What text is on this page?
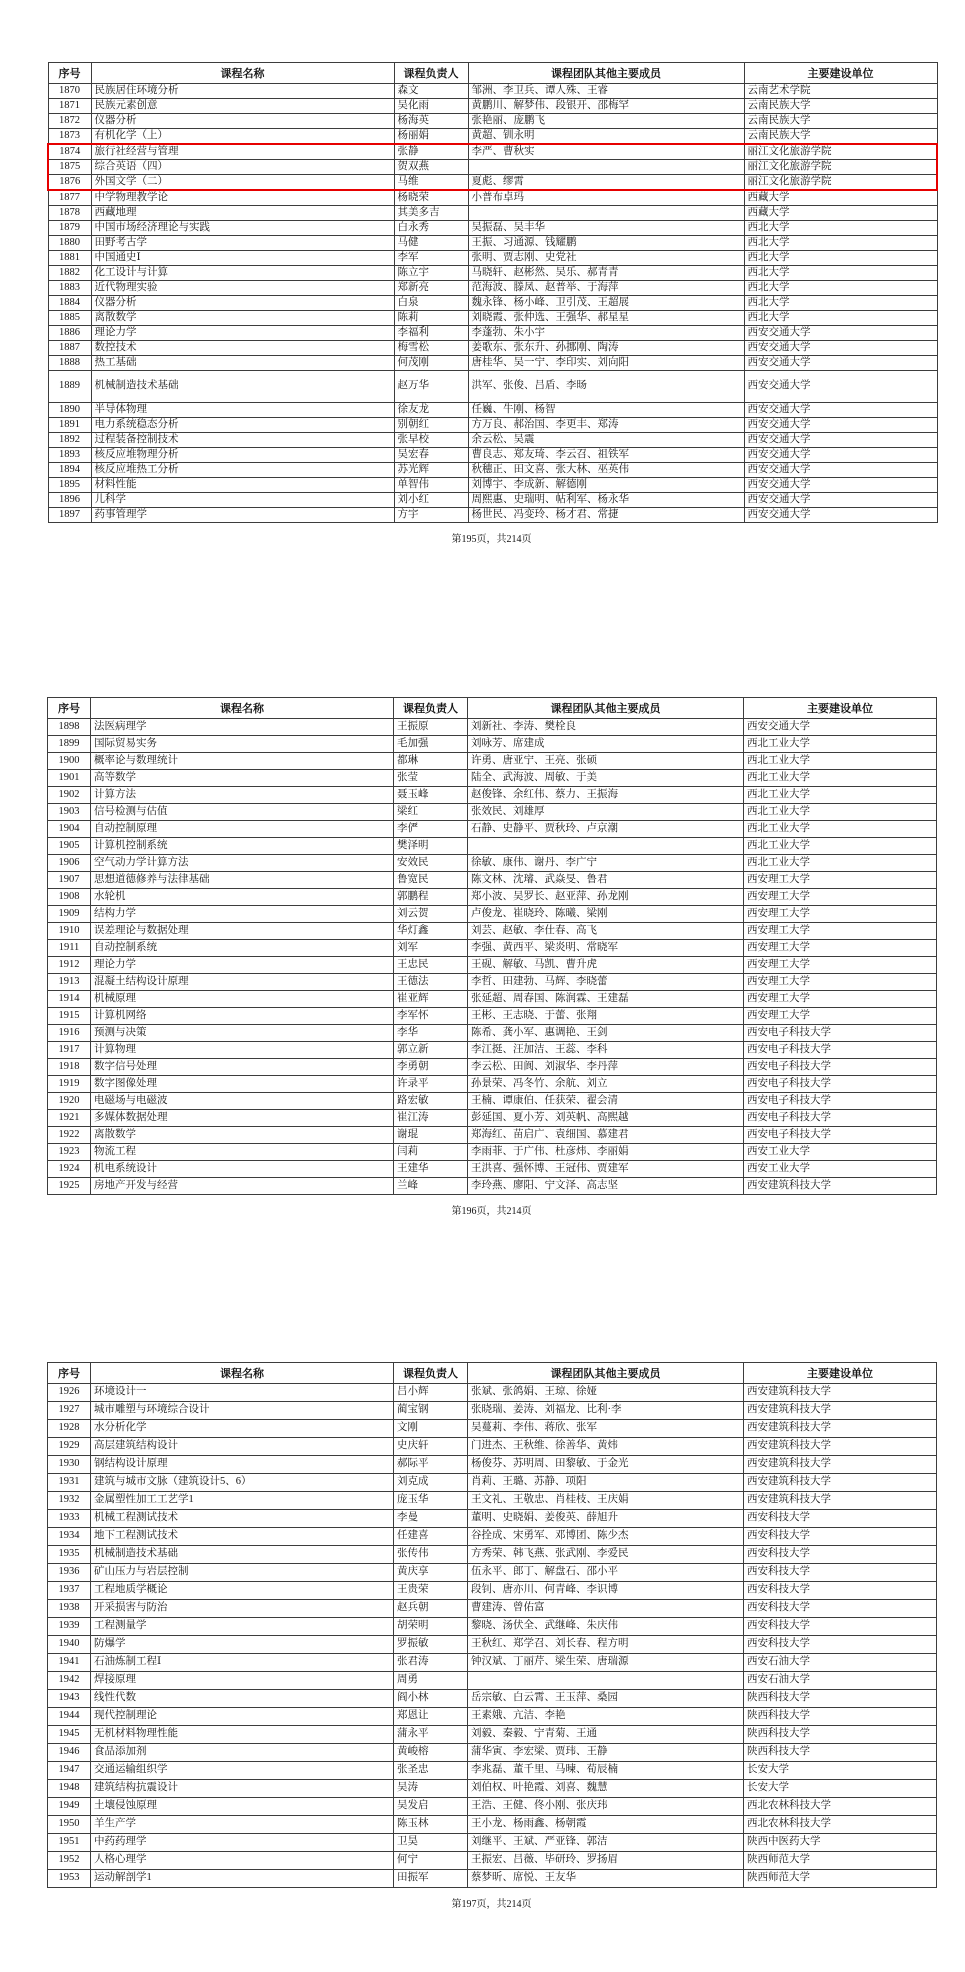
序号	课程名称	课程负责人	课程团队其他主要成员	主要建设单位
1870	民族居住环境分析	森文	邹洲、李卫兵、谭人殊、王睿	云南艺术学院
1871	民族元素创意	吴化雨	黄鹏川、解梦伟、段银开、邵梅罕	云南民族大学
1872	仪器分析	杨海英	张艳丽、庞鹏飞	云南民族大学
1873	有机化学（上）	杨丽娟	黄超、钏永明	云南民族大学
1874	旅行社经营与管理	张静	李严、曹秋实	丽江文化旅游学院
1875	综合英语（四）	贺双燕		丽江文化旅游学院
1876	外国文学（二）	马维	夏彪、缪霄	丽江文化旅游学院
1877	中学物理教学论	杨晓荣	小普布卓玛	西藏大学
1878	西藏地理	其美多吉		西藏大学
1879	中国市场经济理论与实践	白永秀	吴振磊、吴丰华	西北大学
1880	田野考古学	马健	王振、习通源、钱耀鹏	西北大学
1881	中国通史Ⅰ	李军	张明、贾志刚、史党社	西北大学
1882	化工设计与计算	陈立宇	马晓轩、赵彬然、吴乐、郝青青	西北大学
1883	近代物理实验	郑新亮	范海波、滕凤、赵普举、于海萍	西北大学
1884	仪器分析	白泉	魏永锋、杨小峰、卫引茂、王超展	西北大学
1885	离散数学	陈莉	刘晓霞、张仲选、王强华、郝星星	西北大学
1886	理论力学	李福利	李蓬勃、朱小宇	西安交通大学
1887	数控技术	梅雪松	姜歌东、张东升、孙挪刚、陶涛	西安交通大学
1888	热工基础	何茂刚	唐桂华、吴一宁、李印实、刘向阳	西安交通大学
1889	机械制造技术基础	赵万华	洪军、张俊、吕盾、李旸	西安交通大学
1890	半导体物理	徐友龙	任巍、牛刚、杨智	西安交通大学
1891	电力系统稳态分析	别朝红	方万良、郝治国、李更丰、郑涛	西安交通大学
1892	过程装备控制技术	张早校	余云松、吴震	西安交通大学
1893	核反应堆物理分析	吴宏春	曹良志、郑友琦、李云召、祖铁军	西安交通大学
1894	核反应堆热工分析	苏光辉	秋穗正、田文喜、张大林、巫英伟	西安交通大学
1895	材料性能	单智伟	刘博宇、李成新、解德刚	西安交通大学
1896	儿科学	刘小红	周熙惠、史瑞明、帖利军、杨永华	西安交通大学
1897	药事管理学	方宇	杨世民、冯变玲、杨才君、常捷	西安交通大学
第195页，共214页
序号	课程名称	课程负责人	课程团队其他主要成员	主要建设单位
1898	法医病理学	王振原	刘新社、李涛、樊栓良	西安交通大学
1899	国际贸易实务	毛加强	刘咏芳、席建成	西北工业大学
1900	概率论与数理统计	都琳	许勇、唐亚宁、王亮、张硕	西北工业大学
1901	高等数学	张莹	陆全、武海波、周敏、于美	西北工业大学
1902	计算方法	聂玉峰	赵俊锋、余红伟、蔡力、王振海	西北工业大学
1903	信号检测与估值	梁红	张效民、刘雄厚	西北工业大学
1904	自动控制原理	李俨	石静、史静平、贾秋玲、卢京潮	西北工业大学
1905	计算机控制系统	樊泽明		西北工业大学
1906	空气动力学计算方法	安效民	徐敏、康伟、谢丹、李广宁	西北工业大学
1907	思想道德修养与法律基础	鲁宽民	陈文林、沈璿、武焱旻、鲁君	西安理工大学
1908	水轮机	郭鹏程	郑小波、吴罗长、赵亚萍、孙龙刚	西安理工大学
1909	结构力学	刘云贺	卢俊龙、崔晓玲、陈曦、梁刚	西安理工大学
1910	误差理论与数据处理	华灯鑫	刘芸、赵敏、李仕春、高飞	西安理工大学
1911	自动控制系统	刘军	李强、黄西平、梁炎明、常晓军	西安理工大学
1912	理论力学	王忠民	王砚、解敏、马凯、曹升虎	西安理工大学
1913	混凝土结构设计原理	王德法	李哲、田建勃、马辉、李晓蕾	西安理工大学
1914	机械原理	崔亚辉	张延超、周春国、陈润霖、王建磊	西安理工大学
1915	计算机网络	李军怀	王彬、王志晓、于蕾、张翔	西安理工大学
1916	预测与决策	李华	陈希、龚小军、惠调艳、王剑	西安电子科技大学
1917	计算物理	郭立新	李江挺、汪加洁、王蕊、李科	西安电子科技大学
1918	数字信号处理	李勇朝	李云松、田阆、刘淑华、李丹萍	西安电子科技大学
1919	数字图像处理	许录平	孙景荣、冯冬竹、余航、刘立	西安电子科技大学
1920	电磁场与电磁波	路宏敏	王楠、谭康伯、任获荣、翟会清	西安电子科技大学
1921	多媒体数据处理	崔江涛	彭延国、夏小芳、刘英帆、高熙越	西安电子科技大学
1922	离散数学	谢琨	郑海红、苗启广、袁细国、慕建君	西安电子科技大学
1923	物流工程	闫莉	李雨菲、于广伟、杜彦炜、李丽娟	西安工业大学
1924	机电系统设计	王建华	王洪喜、强怀博、王冠伟、贾建军	西安工业大学
1925	房地产开发与经营	兰峰	李玲燕、廖阳、宁文泽、高志坚	西安建筑科技大学
第196页，共214页
序号	课程名称	课程负责人	课程团队其他主要成员	主要建设单位
1926	环境设计一	吕小辉	张斌、张鸽娟、王琼、徐娅	西安建筑科技大学
1927	城市雕塑与环境综合设计	蔺宝钢	张晓瑞、姜涛、刘福龙、比利·李	西安建筑科技大学
1928	水分析化学	文刚	吴蔓莉、李伟、蒋欣、张军	西安建筑科技大学
1929	高层建筑结构设计	史庆轩	门进杰、王秋维、徐善华、黄炜	西安建筑科技大学
1930	钢结构设计原理	郝际平	杨俊芬、苏明周、田黎敏、于金光	西安建筑科技大学
1931	建筑与城市文脉（建筑设计5、6）	刘克成	肖莉、王璐、苏静、项阳	西安建筑科技大学
1932	金属塑性加工工艺学1	庞玉华	王文礼、王敬忠、肖桂枝、王庆娟	西安建筑科技大学
1933	机械工程测试技术	李曼	董明、史晓娟、姜俊英、薛旭升	西安科技大学
1934	地下工程测试技术	任建喜	谷拴成、宋勇军、邓博团、陈少杰	西安科技大学
1935	机械制造技术基础	张传伟	方秀荣、韩飞燕、张武刚、李爱民	西安科技大学
1936	矿山压力与岩层控制	黄庆享	伍永平、郎丁、解盘石、邵小平	西安科技大学
1937	工程地质学概论	王贵荣	段钊、唐亦川、何青峰、李识博	西安科技大学
1938	开采损害与防治	赵兵朝	曹建涛、曾佑富	西安科技大学
1939	工程测量学	胡荣明	黎晓、汤伏全、武继峰、朱庆伟	西安科技大学
1940	防爆学	罗振敏	王秋红、郑学召、刘长春、程方明	西安科技大学
1941	石油炼制工程Ⅰ	张君涛	钟汉斌、丁丽芹、梁生荣、唐瑞源	西安石油大学
1942	焊接原理	周勇		西安石油大学
1943	线性代数	阎小林	岳宗敏、白云霄、王玉萍、桑园	陕西科技大学
1944	现代控制理论	郑恩让	王素娥、亢洁、李艳	陕西科技大学
1945	无机材料物理性能	蒲永平	刘毅、秦毅、宁青菊、王通	陕西科技大学
1946	食品添加剂	黄峻榕	蒲华寅、李宏梁、贾玮、王静	陕西科技大学
1947	交通运输组织学	张圣忠	李兆磊、董千里、马暕、荀辰楠	长安大学
1948	建筑结构抗震设计	吴涛	刘伯权、叶艳霞、刘喜、魏慧	长安大学
1949	土壤侵蚀原理	吴发启	王浩、王健、佟小刚、张庆玮	西北农林科技大学
1950	羊生产学	陈玉林	王小龙、杨雨鑫、杨朝霞	西北农林科技大学
1951	中药药理学	卫昊	刘继平、王斌、严亚锋、郭洁	陕西中医药大学
1952	人格心理学	何宁	王振宏、吕薇、毕研玲、罗扬眉	陕西师范大学
1953	运动解剖学1	田振军	蔡梦昕、席悦、王友华	陕西师范大学
第197页，共214页
